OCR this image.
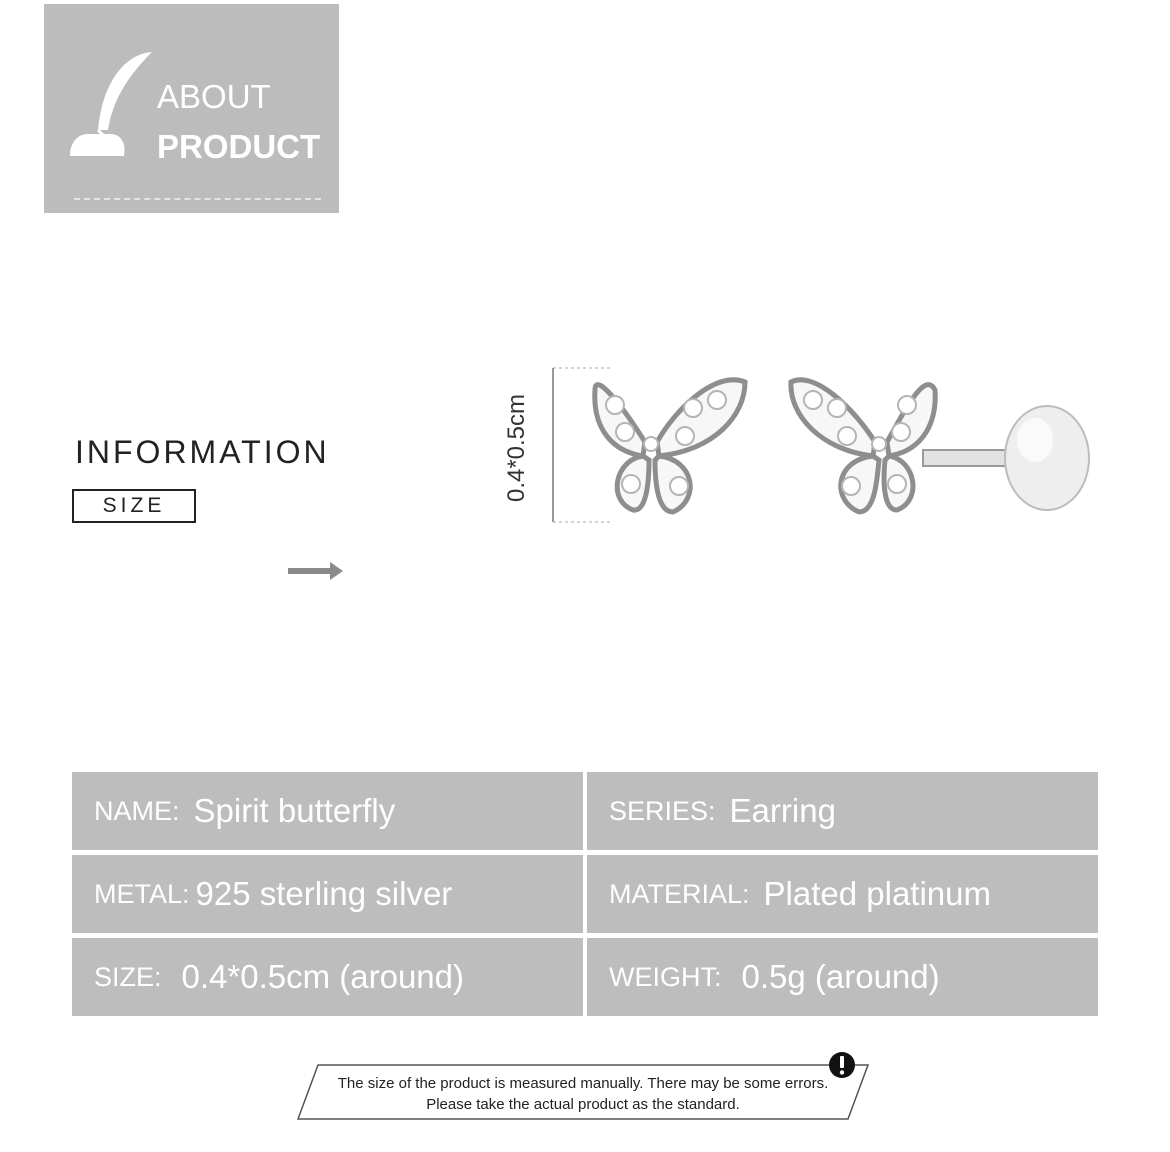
ABOUT
PRODUCT
INFORMATION
SIZE
0.4*0.5cm
NAME: Spirit butterfly	SERIES: Earring
METAL: 925 sterling silver	MATERIAL: Plated platinum
SIZE: 0.4*0.5cm (around)	WEIGHT: 0.5g (around)
The size of the product is measured manually. There may be some errors.
Please take the actual product as the standard.
